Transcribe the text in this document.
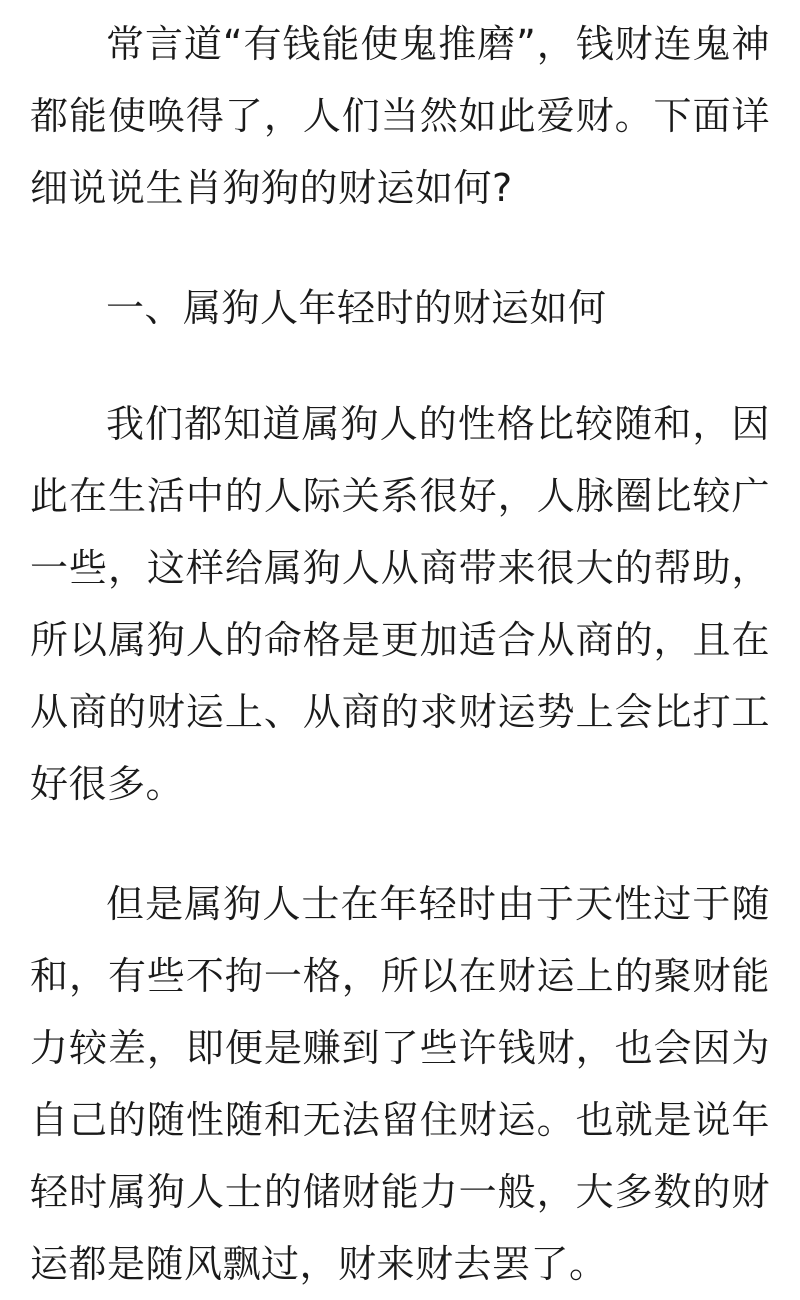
常言道“有钱能使鬼推磨”，钱财连鬼神都能使唤得了，人们当然如此爱财。下面详细说说生肖狗狗的财运如何?

一、属狗人年轻时的财运如何

我们都知道属狗人的性格比较随和，因此在生活中的人际关系很好，人脉圈比较广一些，这样给属狗人从商带来很大的帮助，所以属狗人的命格是更加适合从商的，且在从商的财运上、从商的求财运势上会比打工好很多。

但是属狗人士在年轻时由于天性过于随和，有些不拘一格，所以在财运上的聚财能力较差，即便是赚到了些许钱财，也会因为自己的随性随和无法留住财运。也就是说年轻时属狗人士的储财能力一般，大多数的财运都是随风飘过，财来财去罢了。
